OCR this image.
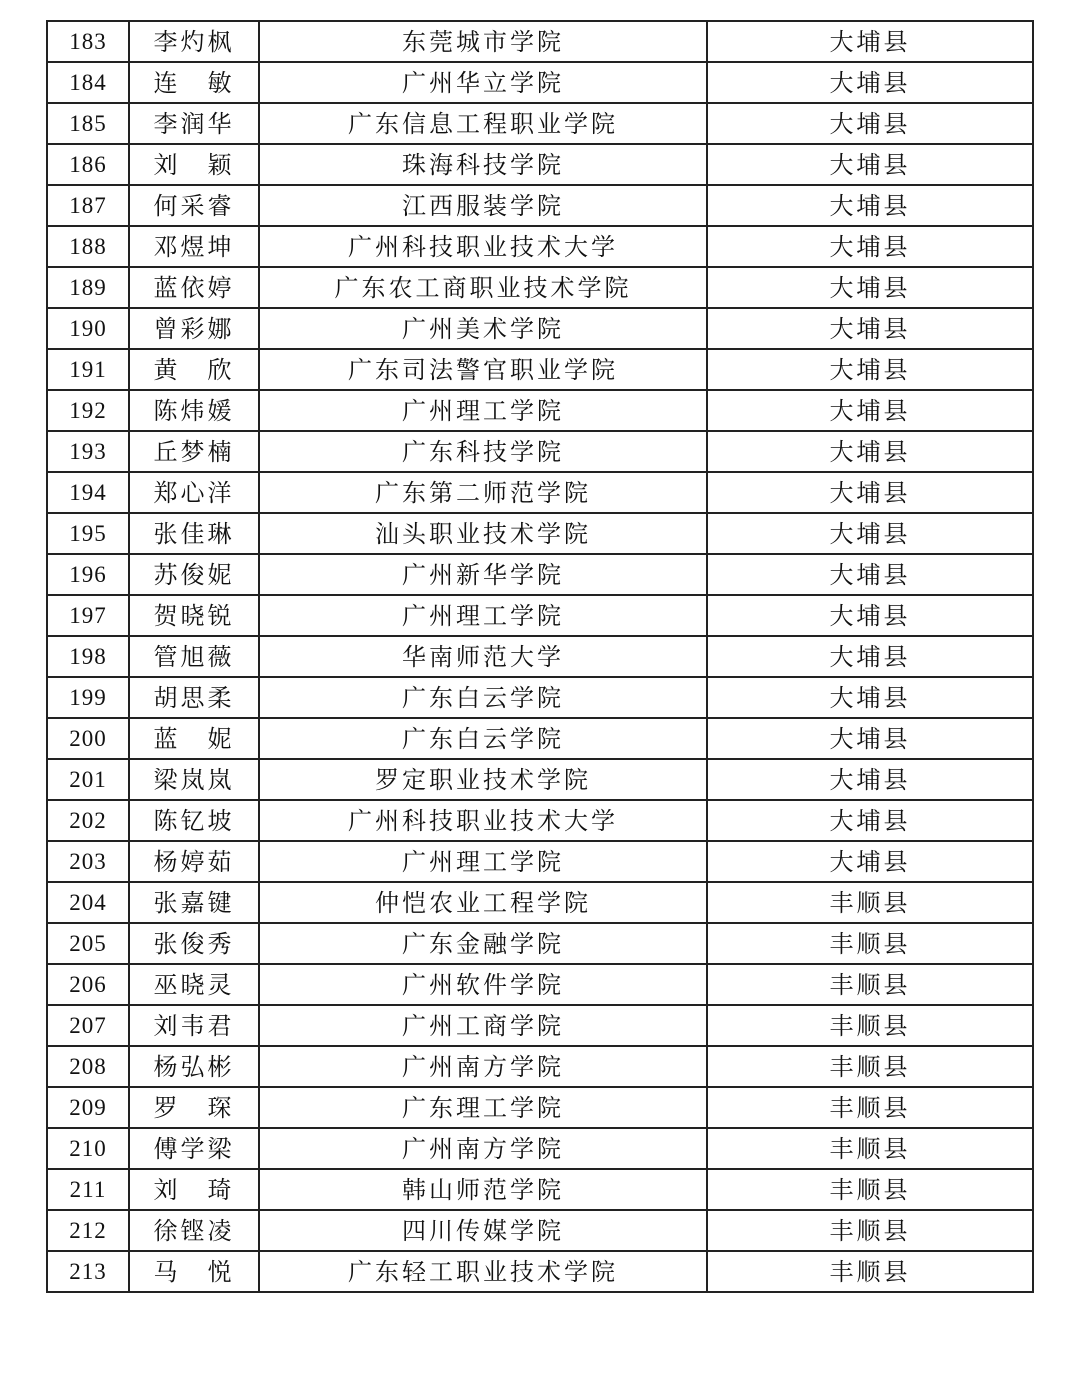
183	李灼枫	东莞城市学院	大埔县
184	连　敏	广州华立学院	大埔县
185	李润华	广东信息工程职业学院	大埔县
186	刘　颖	珠海科技学院	大埔县
187	何采睿	江西服装学院	大埔县
188	邓煜坤	广州科技职业技术大学	大埔县
189	蓝依婷	广东农工商职业技术学院	大埔县
190	曾彩娜	广州美术学院	大埔县
191	黄　欣	广东司法警官职业学院	大埔县
192	陈炜媛	广州理工学院	大埔县
193	丘梦楠	广东科技学院	大埔县
194	郑心洋	广东第二师范学院	大埔县
195	张佳琳	汕头职业技术学院	大埔县
196	苏俊妮	广州新华学院	大埔县
197	贺晓锐	广州理工学院	大埔县
198	管旭薇	华南师范大学	大埔县
199	胡思柔	广东白云学院	大埔县
200	蓝　妮	广东白云学院	大埔县
201	梁岚岚	罗定职业技术学院	大埔县
202	陈钇坡	广州科技职业技术大学	大埔县
203	杨婷茹	广州理工学院	大埔县
204	张嘉键	仲恺农业工程学院	丰顺县
205	张俊秀	广东金融学院	丰顺县
206	巫晓灵	广州软件学院	丰顺县
207	刘韦君	广州工商学院	丰顺县
208	杨弘彬	广州南方学院	丰顺县
209	罗　琛	广东理工学院	丰顺县
210	傅学梁	广州南方学院	丰顺县
211	刘　琦	韩山师范学院	丰顺县
212	徐铿凌	四川传媒学院	丰顺县
213	马　悦	广东轻工职业技术学院	丰顺县
